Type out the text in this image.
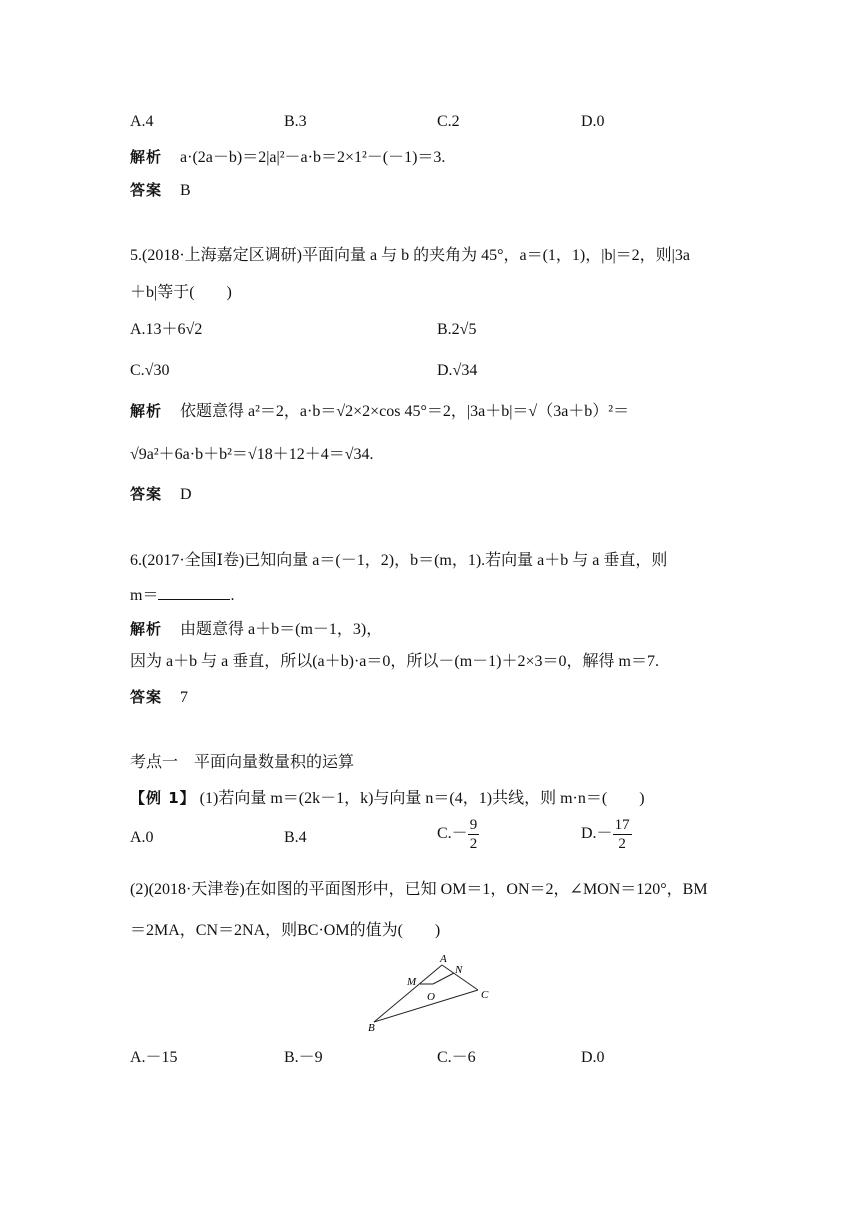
A.4	B.3	C.2	D.0
解析 a·(2a－b)＝2|a|²－a·b＝2×1²－(－1)＝3.
答案 B
5.(2018·上海嘉定区调研)平面向量 a 与 b 的夹角为 45°，a＝(1，1)，|b|＝2，则|3a
＋b|等于(　　)
A.13＋6√2	B.2√5
C.√30	D.√34
解析 依题意得 a²＝2，a·b＝√2×2×cos 45°＝2，|3a＋b|＝√（3a＋b）²＝
√9a²＋6a·b＋b²＝√18＋12＋4＝√34.
答案 D
6.(2017·全国Ⅰ卷)已知向量 a＝(－1，2)，b＝(m，1).若向量 a＋b 与 a 垂直，则
m＝	.
解析 由题意得 a＋b＝(m－1，3)，
因为 a＋b 与 a 垂直，所以(a＋b)·a＝0，所以－(m－1)＋2×3＝0，解得 m＝7.
答案 7
考点一　平面向量数量积的运算
【例 1】 (1)若向量 m＝(2k－1，k)与向量 n＝(4，1)共线，则 m·n＝(　　)
A.0	B.4	$C.- \frac{9}{2}$	$D.- \frac{17}{2}$
(2)(2018·天津卷)在如图的平面图形中，已知 OM＝1，ON＝2，∠MON＝120°，BM
＝2MA，CN＝2NA，则BC·OM的值为(　　)
A
N
M
O	C
B
A.－15	B.－9	C.－6	D.0
